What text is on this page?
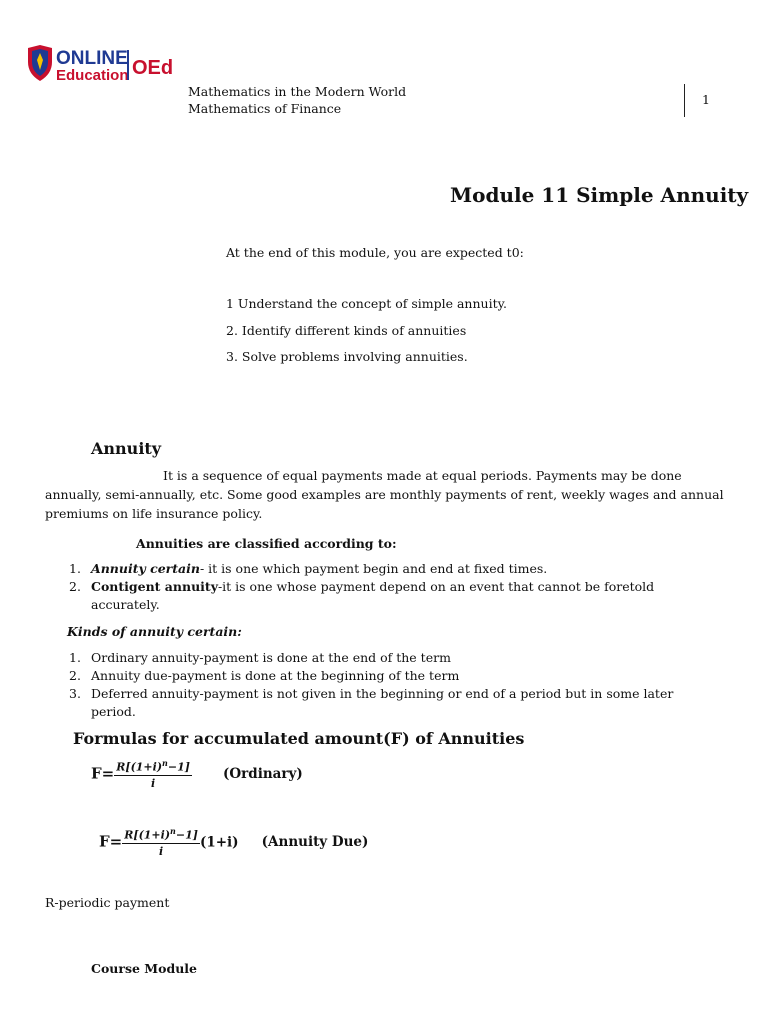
ONLINE
Education OEd
Mathematics in the Modern World
Mathematics of Finance
1
Module 11 Simple Annuity
At the end of this module, you are expected t0:
1 Understand the concept of simple annuity.
2. Identify different kinds of annuities
3. Solve problems involving annuities.
Annuity
It is a sequence of equal payments made at equal periods. Payments may be done annually, semi-annually, etc. Some good examples are monthly payments of rent, weekly wages and annual premiums on life insurance policy.
Annuities are classified according to:
1. Annuity certain- it is one which payment begin and end at fixed times.
2. Contigent annuity-it is one whose payment depend on an event that cannot be foretold accurately.
Kinds of annuity certain:
1. Ordinary annuity-payment is done at the end of the term
2. Annuity due-payment is done at the beginning of the term
3. Deferred annuity-payment is not given in the beginning or end of a period but in some later period.
Formulas for accumulated amount(F) of Annuities
$F= \frac{R[(1+i)^n-1]}{i}$ (Ordinary)
$F= \frac{R[(1+i)^n-1]}{i} (1+i)$ (Annuity Due)
R-periodic payment
Course Module
